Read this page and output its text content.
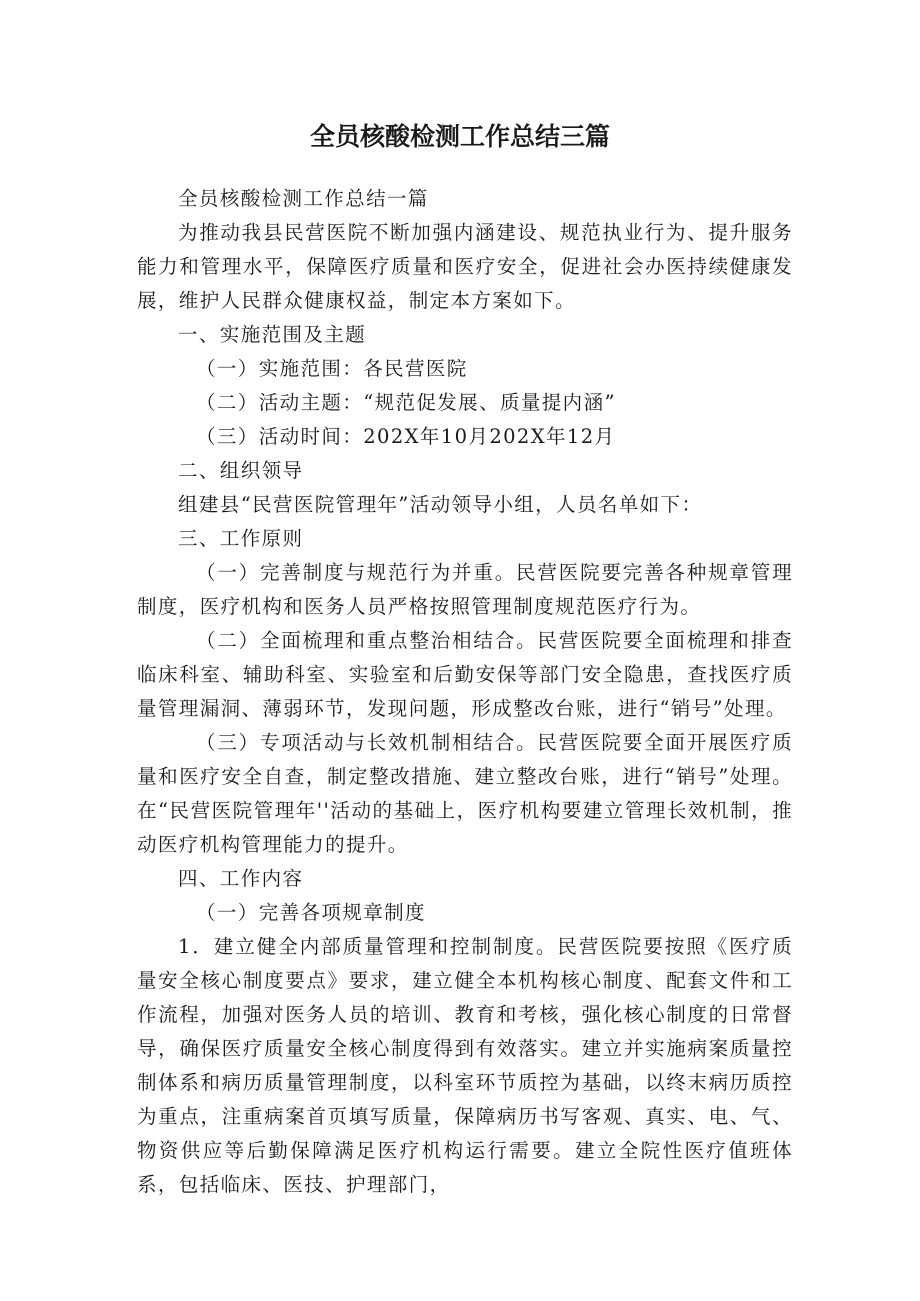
全员核酸检测工作总结三篇

全员核酸检测工作总结一篇

为推动我县民营医院不断加强内涵建设、规范执业行为、提升服务能力和管理水平，保障医疗质量和医疗安全，促进社会办医持续健康发展，维护人民群众健康权益，制定本方案如下。

一、实施范围及主题

（一）实施范围：各民营医院

（二）活动主题：“规范促发展、质量提内涵”

（三）活动时间：202X年10月202X年12月

二、组织领导

组建县“民营医院管理年”活动领导小组，人员名单如下：

三、工作原则

（一）完善制度与规范行为并重。民营医院要完善各种规章管理制度，医疗机构和医务人员严格按照管理制度规范医疗行为。

（二）全面梳理和重点整治相结合。民营医院要全面梳理和排查临床科室、辅助科室、实验室和后勤安保等部门安全隐患，查找医疗质量管理漏洞、薄弱环节，发现问题，形成整改台账，进行“销号”处理。

（三）专项活动与长效机制相结合。民营医院要全面开展医疗质量和医疗安全自查，制定整改措施、建立整改台账，进行“销号”处理。在“民营医院管理年''活动的基础上，医疗机构要建立管理长效机制，推动医疗机构管理能力的提升。

四、工作内容

（一）完善各项规章制度

1．建立健全内部质量管理和控制制度。民营医院要按照《医疗质量安全核心制度要点》要求，建立健全本机构核心制度、配套文件和工作流程，加强对医务人员的培训、教育和考核，强化核心制度的日常督导，确保医疗质量安全核心制度得到有效落实。建立并实施病案质量控制体系和病历质量管理制度，以科室环节质控为基础，以终末病历质控为重点，注重病案首页填写质量，保障病历书写客观、真实、电、气、物资供应等后勤保障满足医疗机构运行需要。建立全院性医疗值班体系，包括临床、医技、护理部门，
